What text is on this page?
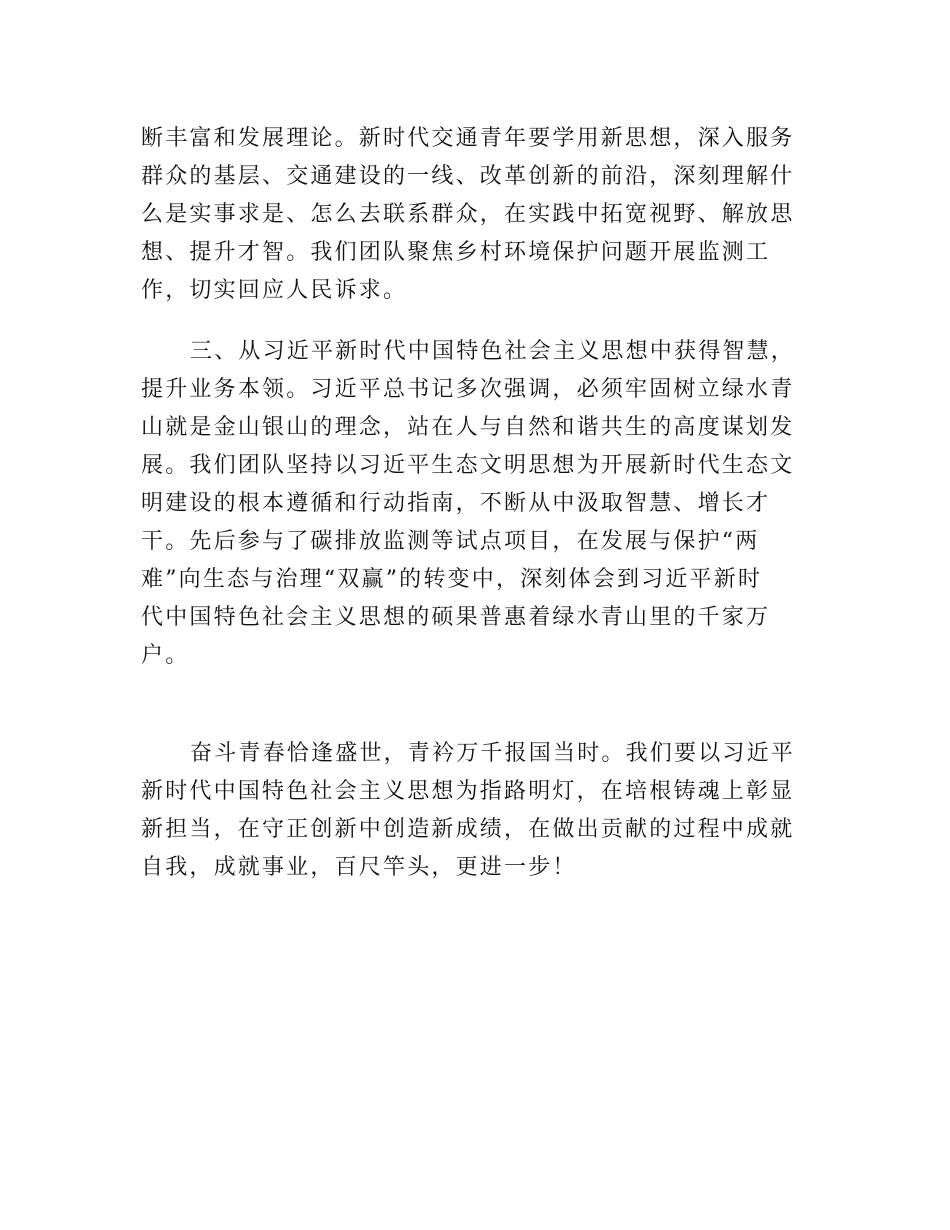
断丰富和发展理论。新时代交通青年要学用新思想，深入服务
群众的基层、交通建设的一线、改革创新的前沿，深刻理解什
么是实事求是、怎么去联系群众，在实践中拓宽视野、解放思
想、提升才智。我们团队聚焦乡村环境保护问题开展监测工
作，切实回应人民诉求。
三、从习近平新时代中国特色社会主义思想中获得智慧，
提升业务本领。习近平总书记多次强调，必须牢固树立绿水青
山就是金山银山的理念，站在人与自然和谐共生的高度谋划发
展。我们团队坚持以习近平生态文明思想为开展新时代生态文
明建设的根本遵循和行动指南，不断从中汲取智慧、增长才
干。先后参与了碳排放监测等试点项目，在发展与保护“两
难”向生态与治理“双赢”的转变中，深刻体会到习近平新时
代中国特色社会主义思想的硕果普惠着绿水青山里的千家万
户。
奋斗青春恰逢盛世，青衿万千报国当时。我们要以习近平
新时代中国特色社会主义思想为指路明灯，在培根铸魂上彰显
新担当，在守正创新中创造新成绩，在做出贡献的过程中成就
自我，成就事业，百尺竿头，更进一步！
